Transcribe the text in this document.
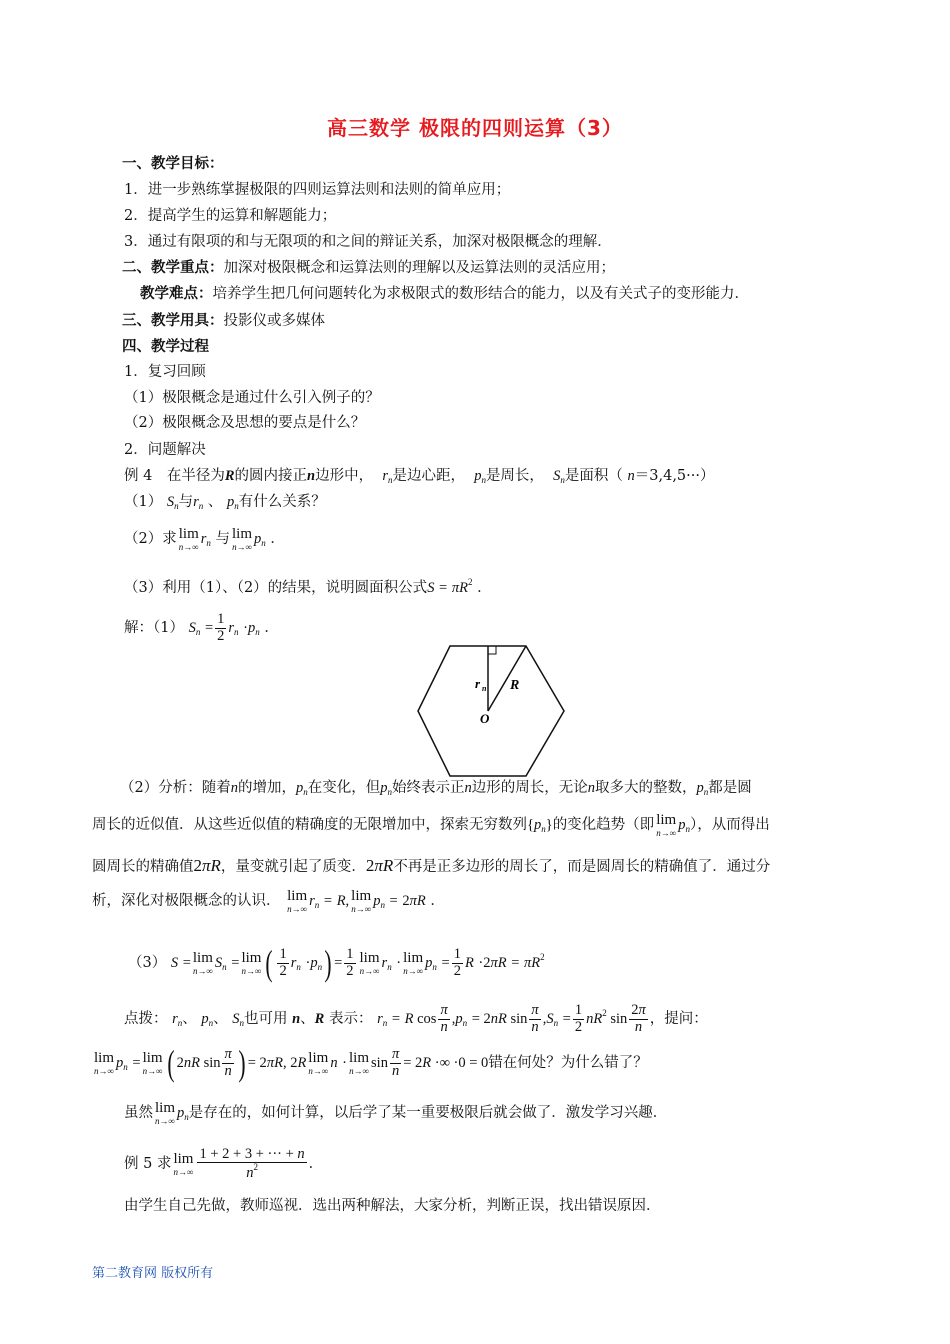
高三数学 极限的四则运算（3）
一、教学目标：
1．进一步熟练掌握极限的四则运算法则和法则的简单应用；
2．提高学生的运算和解题能力；
3．通过有限项的和与无限项的和之间的辩证关系，加深对极限概念的理解．
二、教学重点：加深对极限概念和运算法则的理解以及运算法则的灵活应用；
教学难点：培养学生把几何问题转化为求极限式的数形结合的能力，以及有关式子的变形能力．
三、教学用具：投影仪或多媒体
四、教学过程
1．复习回顾
（1）极限概念是通过什么引入例子的？
（2）极限概念及思想的要点是什么？
2．问题解决
例 4　在半径为R的圆内接正n边形中， $r_n$是边心距， $p_n$是周长， $S_n$是面积（ n＝3,4,5···）
（1） $S_n$与$r_n$ 、 $p_n$有什么关系？
（2）求 lim
n→∞ $r_n$ 与 lim
n→∞ $p_n$ ．
（3）利用（1）、（2）的结果，说明圆面积公式$S = \pi R^2$ ．
解：（1） $S_n = \frac{1}{2} r_n \cdot p_n$ ．
r n R
O
（2）分析：随着n的增加，$p_n$在变化，但$p_n$始终表示正n边形的周长，无论n取多大的整数，$p_n$都是圆
周长的近似值．从这些近似值的精确度的无限增加中，探索无穷数列$\{p_n\}$的变化趋势（即 lim
n→∞ $p_n$），从而得出
圆周长的精确值2πR，量变就引起了质变．2πR不再是正多边形的周长了，而是圆周长的精确值了．通过分
析，深化对极限概念的认识． lim
n→∞ $r_n = R$, lim
n→∞ $p_n = 2\pi R$ ．
（3） S = lim
n→∞ $S_n = \lim$
n→∞ ( $\frac{1}{2} r_n \cdot p_n) = \frac{1}{2}$ lim
n→∞ $r_n \cdot \lim$
n→∞ $p_n = \frac{1}{2}$ $R \cdot 2\pi R = \pi R^2$
点拨： $r_n$、 $p_n$、 $S_n$也可用 n、R 表示： $r_n = R$ $\cos \frac{\pi}{n} ,p_n = 2nR$ $\sin \frac{\pi}{n} ,S_n = \frac{1}{2} nR^2$ $\sin \frac{2\pi}{n}$ ，提问：
lim
n→∞ $p_n = \lim$
n→∞ ( 2nR $\sin \frac{\pi}{n}$ ) = 2πR, 2R lim
n→∞ n · lim
n→∞ $\sin \frac{\pi}{n} = 2R$ ·∞ ·0 = 0错在何处？为什么错了？
虽然 lim
n→∞ $p_n$是存在的，如何计算，以后学了某一重要极限后就会做了．激发学习兴趣．
例 5 求 lim
$n\to\infty \frac{1 + 2 + 3 + \cdot\cdot\cdot + n}{n^2}$ ．
由学生自己先做，教师巡视．选出两种解法，大家分析，判断正误，找出错误原因．
第二教育网 版权所有
